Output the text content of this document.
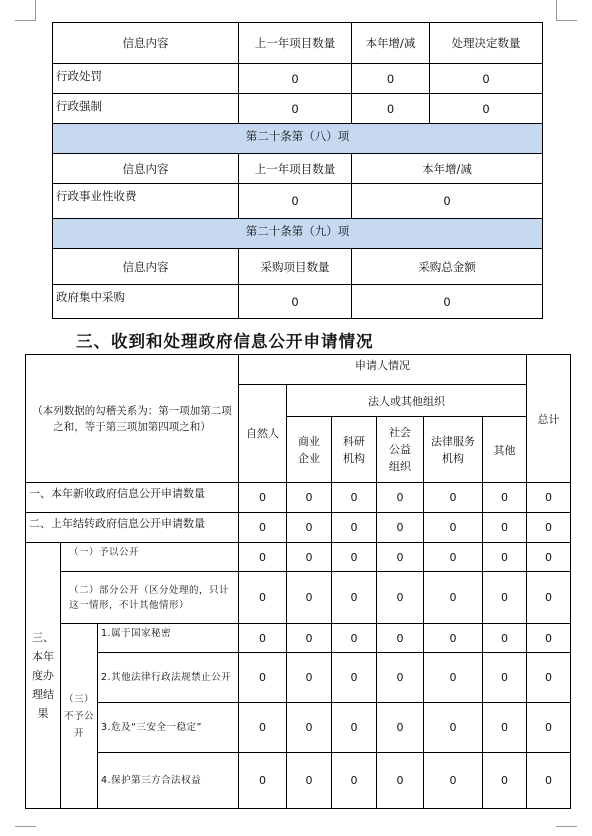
信息内容	上一年项目数量	本年增/减	处理决定数量
行政处罚	0	0	0
行政强制	0	0	0
第二十条第（八）项			
信息内容	上一年项目数量	本年增/减	
行政事业性收费	0	0	
第二十条第（九）项			
信息内容	采购项目数量	采购总金额	
政府集中采购	0	0	
三、收到和处理政府信息公开申请情况
（本列数据的勾稽关系为：第一项加第二项之和，等于第三项加第四项之和）			申请人情况						总计
			自然人	法人或其他组织					
				商业企业	科研机构	社会公益组织	法律服务机构	其他	
一、本年新收政府信息公开申请数量			0	0	0	0	0	0	0
二、上年结转政府信息公开申请数量			0	0	0	0	0	0	0
三、本年度办理结果	（一）予以公开		0	0	0	0	0	0	0
	（二）部分公开（区分处理的，只计这一情形，不计其他情形）		0	0	0	0	0	0	0
	（三）不予公开	1.属于国家秘密	0	0	0	0	0	0	0
		2.其他法律行政法规禁止公开	0	0	0	0	0	0	0
		3.危及“三安全一稳定”	0	0	0	0	0	0	0
		4.保护第三方合法权益	0	0	0	0	0	0	0
